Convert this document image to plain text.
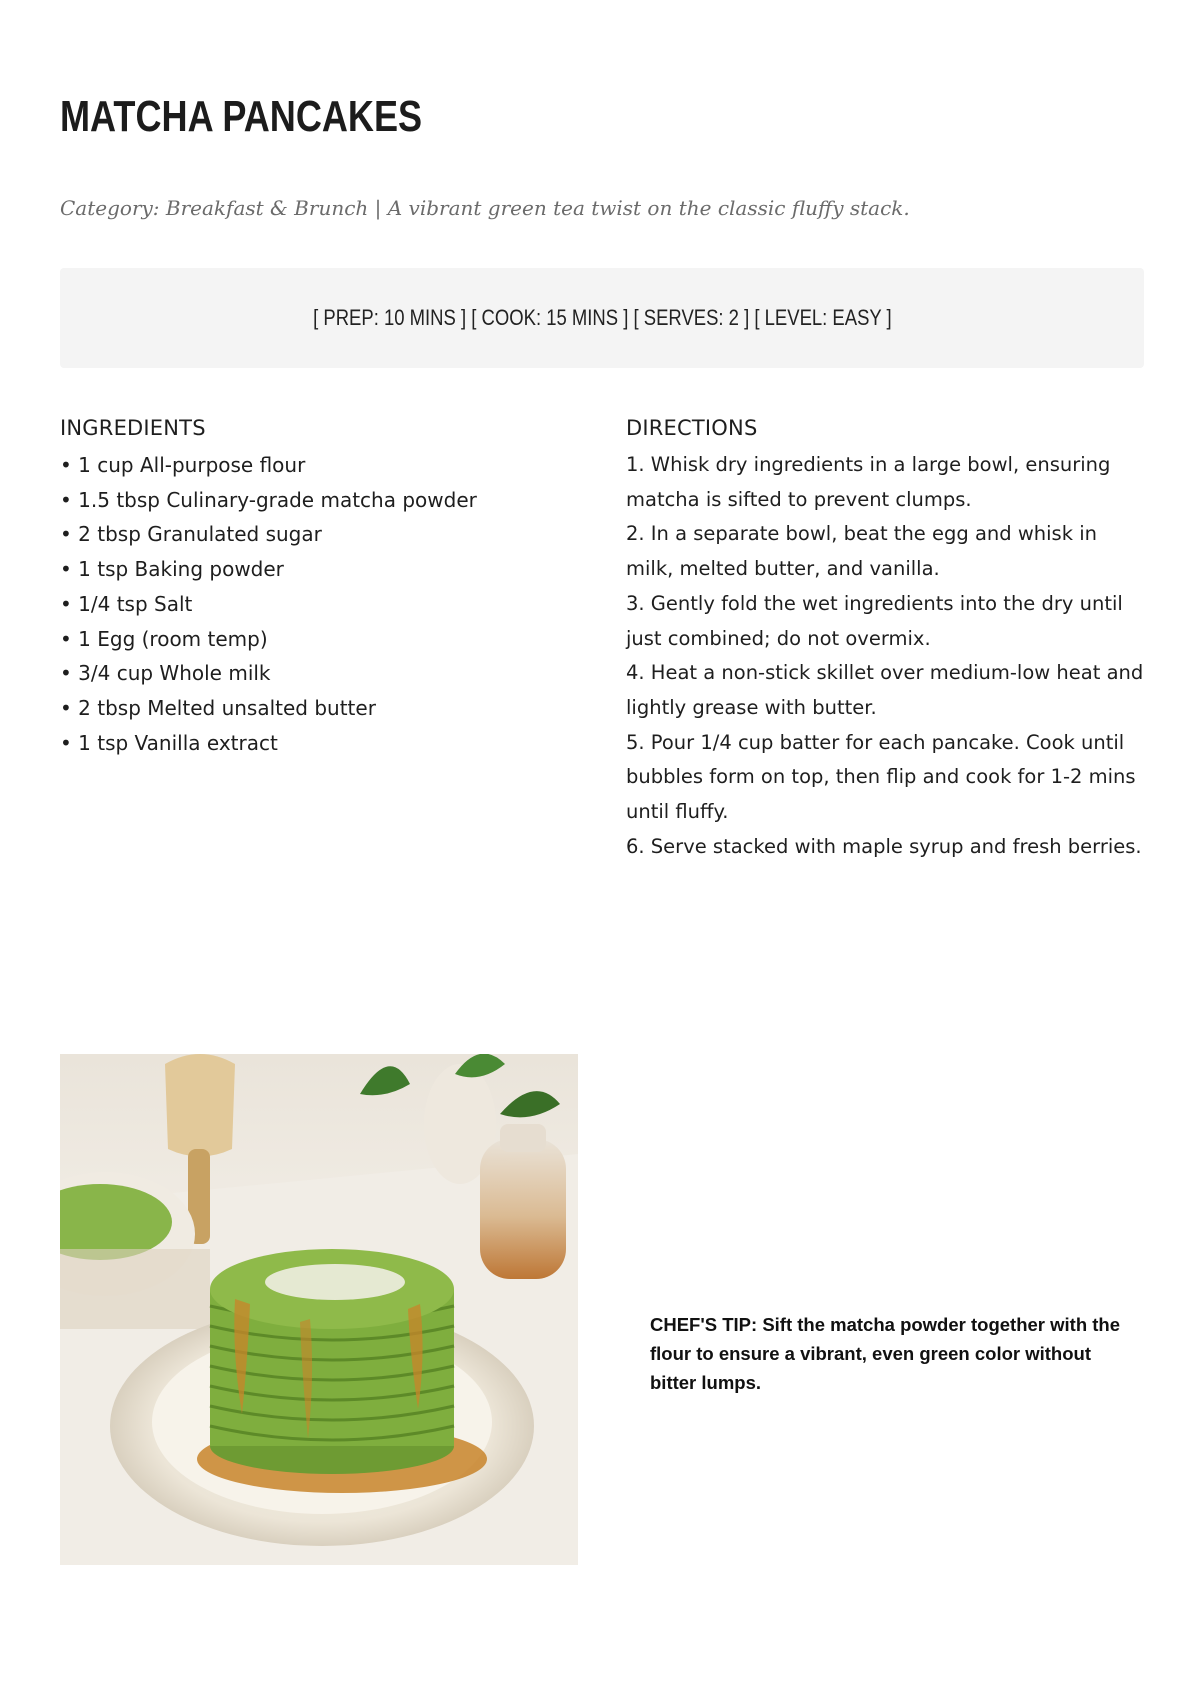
MATCHA PANCAKES
Category: Breakfast & Brunch | A vibrant green tea twist on the classic fluffy stack.
[ PREP: 10 MINS ] [ COOK: 15 MINS ] [ SERVES: 2 ] [ LEVEL: EASY ]
INGREDIENTS
• 1 cup All-purpose flour
• 1.5 tbsp Culinary-grade matcha powder
• 2 tbsp Granulated sugar
• 1 tsp Baking powder
• 1/4 tsp Salt
• 1 Egg (room temp)
• 3/4 cup Whole milk
• 2 tbsp Melted unsalted butter
• 1 tsp Vanilla extract
DIRECTIONS
1. Whisk dry ingredients in a large bowl, ensuring matcha is sifted to prevent clumps.
2. In a separate bowl, beat the egg and whisk in milk, melted butter, and vanilla.
3. Gently fold the wet ingredients into the dry until just combined; do not overmix.
4. Heat a non-stick skillet over medium-low heat and lightly grease with butter.
5. Pour 1/4 cup batter for each pancake. Cook until bubbles form on top, then flip and cook for 1-2 mins until fluffy.
6. Serve stacked with maple syrup and fresh berries.
CHEF'S TIP: Sift the matcha powder together with the flour to ensure a vibrant, even green color without bitter lumps.
